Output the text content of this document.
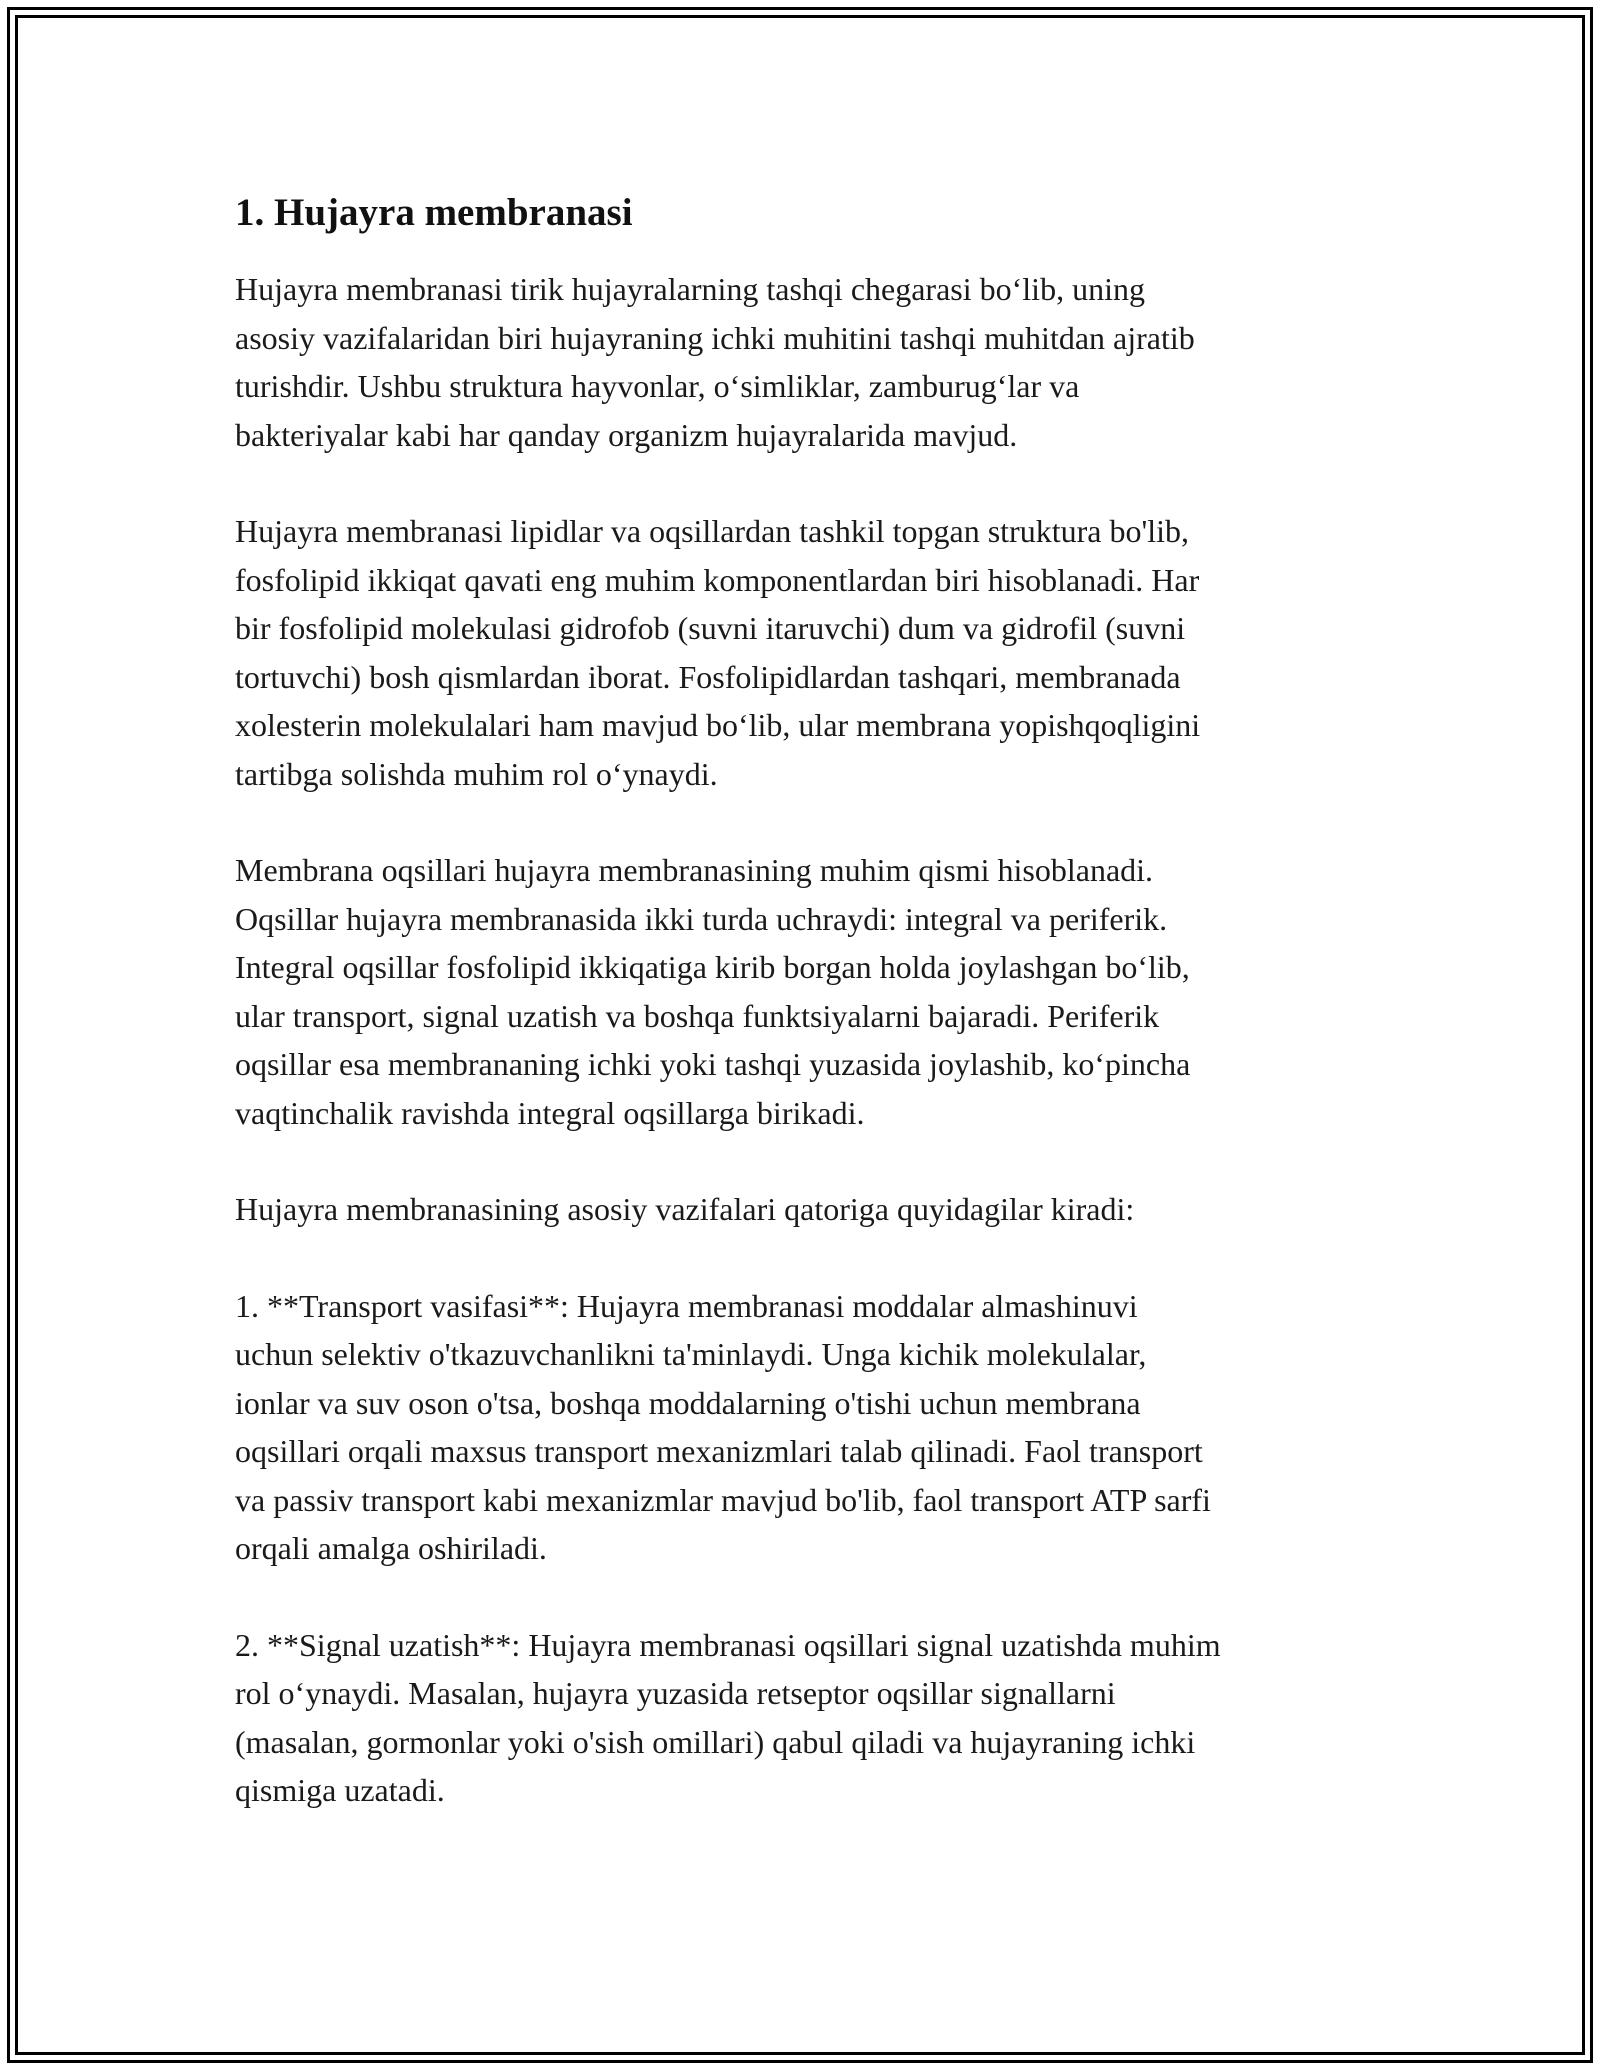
1. Hujayra membranasi

Hujayra membranasi tirik hujayralarning tashqi chegarasi bo‘lib, uning
asosiy vazifalaridan biri hujayraning ichki muhitini tashqi muhitdan ajratib
turishdir. Ushbu struktura hayvonlar, o‘simliklar, zamburug‘lar va
bakteriyalar kabi har qanday organizm hujayralarida mavjud.

Hujayra membranasi lipidlar va oqsillardan tashkil topgan struktura bo'lib,
fosfolipid ikkiqat qavati eng muhim komponentlardan biri hisoblanadi. Har
bir fosfolipid molekulasi gidrofob (suvni itaruvchi) dum va gidrofil (suvni
tortuvchi) bosh qismlardan iborat. Fosfolipidlardan tashqari, membranada
xolesterin molekulalari ham mavjud bo‘lib, ular membrana yopishqoqligini
tartibga solishda muhim rol o‘ynaydi.

Membrana oqsillari hujayra membranasining muhim qismi hisoblanadi.
Oqsillar hujayra membranasida ikki turda uchraydi: integral va periferik.
Integral oqsillar fosfolipid ikkiqatiga kirib borgan holda joylashgan bo‘lib,
ular transport, signal uzatish va boshqa funktsiyalarni bajaradi. Periferik
oqsillar esa membrananing ichki yoki tashqi yuzasida joylashib, ko‘pincha
vaqtinchalik ravishda integral oqsillarga birikadi.

Hujayra membranasining asosiy vazifalari qatoriga quyidagilar kiradi:

1. **Transport vasifasi**: Hujayra membranasi moddalar almashinuvi
uchun selektiv o'tkazuvchanlikni ta'minlaydi. Unga kichik molekulalar,
ionlar va suv oson o'tsa, boshqa moddalarning o'tishi uchun membrana
oqsillari orqali maxsus transport mexanizmlari talab qilinadi. Faol transport
va passiv transport kabi mexanizmlar mavjud bo'lib, faol transport ATP sarfi
orqali amalga oshiriladi.

2. **Signal uzatish**: Hujayra membranasi oqsillari signal uzatishda muhim
rol o‘ynaydi. Masalan, hujayra yuzasida retseptor oqsillar signallarni
(masalan, gormonlar yoki o'sish omillari) qabul qiladi va hujayraning ichki
qismiga uzatadi.
